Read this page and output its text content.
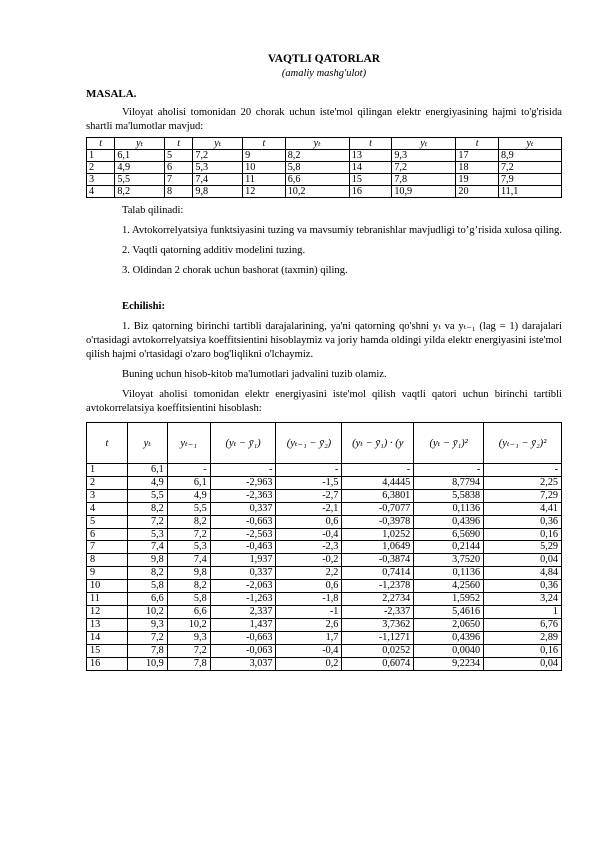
VAQTLI QATORLAR

(amaliy mashg'ulot)

MASALA.

Viloyat aholisi tomonidan 20 chorak uchun iste'mol qilingan elektr energiyasining hajmi to'g'risida shartli ma'lumotlar mavjud:

t	yₜ	t	yₜ	t	yₜ	t	yₜ	t	yₜ
1	6,1	5	7,2	9	8,2	13	9,3	17	8,9
2	4,9	6	5,3	10	5,8	14	7,2	18	7,2
3	5,5	7	7,4	11	6,6	15	7,8	19	7,9
4	8,2	8	9,8	12	10,2	16	10,9	20	11,1

Talab qilinadi:

1. Avtokorrelyatsiya funktsiyasini tuzing va mavsumiy tebranishlar mavjudligi to’g’risida xulosa qiling.

2. Vaqtli qatorning additiv modelini tuzing.

3. Oldindan 2 chorak uchun bashorat (taxmin) qiling.

Echilishi:

1. Biz qatorning birinchi tartibli darajalarining, ya'ni qatorning qo'shni yₜ va yₜ₋₁ (lag = 1) darajalari o'rtasidagi avtokorrelyatsiya koeffitsientini hisoblaymiz va joriy hamda oldingi yilda elektr energiyasini iste'mol qilish hajmi o'rtasidagi o'zaro bog'liqlikni o'lchaymiz.

Buning uchun hisob-kitob ma'lumotlari jadvalini tuzib olamiz.

Viloyat aholisi tomonidan elektr energiyasini iste'mol qilish vaqtli qatori uchun birinchi tartibli avtokorrelatsiya koeffitsientini hisoblash:

t	yₜ	yₜ₋₁	(yₜ − ȳ₁)	(yₜ₋₁ − ȳ₂)	(yₜ − ȳ₁) · (y	(yₜ − ȳ₁)²	(yₜ₋₁ − ȳ₂)²
1	6,1	-	-	-	-	-	-
2	4,9	6,1	-2,963	-1,5	4,4445	8,7794	2,25
3	5,5	4,9	-2,363	-2,7	6,3801	5,5838	7,29
4	8,2	5,5	0,337	-2,1	-0,7077	0,1136	4,41
5	7,2	8,2	-0,663	0,6	-0,3978	0,4396	0,36
6	5,3	7,2	-2,563	-0,4	1,0252	6,5690	0,16
7	7,4	5,3	-0,463	-2,3	1,0649	0,2144	5,29
8	9,8	7,4	1,937	-0,2	-0,3874	3,7520	0,04
9	8,2	9,8	0,337	2,2	0,7414	0,1136	4,84
10	5,8	8,2	-2,063	0,6	-1,2378	4,2560	0,36
11	6,6	5,8	-1,263	-1,8	2,2734	1,5952	3,24
12	10,2	6,6	2,337	-1	-2,337	5,4616	1
13	9,3	10,2	1,437	2,6	3,7362	2,0650	6,76
14	7,2	9,3	-0,663	1,7	-1,1271	0,4396	2,89
15	7,8	7,2	-0,063	-0,4	0,0252	0,0040	0,16
16	10,9	7,8	3,037	0,2	0,6074	9,2234	0,04
